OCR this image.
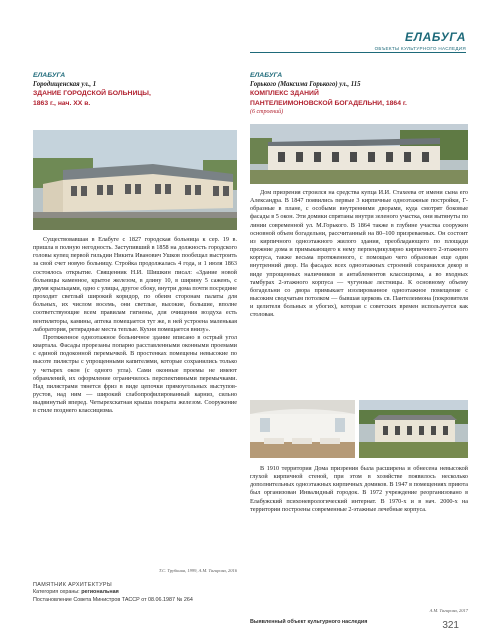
ЕЛАБУГА
ОБЪЕКТЫ КУЛЬТУРНОГО НАСЛЕДИЯ
ЕЛАБУГА
Городищенская ул., 1
ЗДАНИЕ ГОРОДСКОЙ БОЛЬНИЦЫ,
1863 г., нач. ХХ в.

Существовавшая в Елабуге с 1827 городская больница к сер. 19 в. пришла в полную негодность. Заступивший в 1858 на должность городского головы купец первой гильдии Никита Иванович Ушков пообещал выстроить за свой счет новую больницу. Стройка продолжалась 4 года, и 1 июля 1863 состоялось открытие. Священник Н.И. Шишкин писал: «Здание новой больницы каменное, крытое железом, в длину 10, в ширину 5 саженъ, с двумя крыльцами, одно с улицы, другое сбоку, внутри дома почти посредине проходит светлый широкий коридор, по обеим сторонам палаты для больных, их числом восемь, они светлые, высокие, большие, вполне соответствующие всем правилам гигиены, для очищения воздуха есть вентиляторы, камины, аптека помещается тут же, в ней устроена маленькая лаборатория, ретирадные места теплые. Кухня помещается внизу».

Протяженное одноэтажное больничное здание вписано в острый угол квартала. Фасады прорезаны попарно расставленными оконными проемами с единой подоконной перемычкой. В простенках помещены невысокие по высоте пилястры с упрощенными капителями, которые сохранились только у четырех окон (с одного угла). Сами оконные проемы не имеют обрамлений, их оформление ограничилось перспективными перемычками. Над пилястрами тянется фриз в виде цепочки прямоугольных выступов-рустов, над ним — широкий слабопрофилированный карниз, сильно выдвинутый вперед. Четырехскатная крыша покрыта железом. Сооружение в стиле позднего классицизма.

Т.С. Трубкина, 1999, А.М. Тагирова, 2016
ПАМЯТНИК АРХИТЕКТУРЫ
Категория охраны: региональная
Постановление Совета Министров ТАССР от 08.06.1987 № 264
ЕЛАБУГА
Горького (Максима Горького) ул., 115
КОМПЛЕКС ЗДАНИЙ
ПАНТЕЛЕИМОНОВСКОЙ БОГАДЕЛЬНИ, 1864 г.
(6 строений)

Дом призрения строился на средства купца И.И. Стахеева от имени сына его Александра. В 1847 появились первые 3 кирпичные одноэтажные постройки, Г-образные в плане, с особыми внутренними дворами, куда смотрят боковые фасады в 5 окон. Эти домики спрятаны внутри зеленого участка, они вытянуты по линии современной ул. М.Горького. В 1864 также в глубине участка сооружен основной объем богадельни, рассчитанный на 80–100 призреваемых. Он состоит из кирпичного одноэтажного жилого здания, преобладающего по площади прежние дома и примыкающего к нему перпендикулярно кирпичного 2-этажного корпуса, также весьма протяженного, с помощью чего образован еще один внутренний двор. На фасадах всех одноэтажных строений сохранился декор в виде упрощенных наличников и антаблементов классицизма, а во входных тамбурах 2-этажного корпуса — чугунные лестницы. К основному объему богадельни со двора примыкает изолированное одноэтажное помещение с высоким сводчатым потолком — бывшая церковь св. Пантелеимона (покровителя и целителя больных и убогих), которая с советских времен используется как столовая.

В 1910 территория Дома призрения была расширена и обнесена невысокой глухой кирпичной стеной, при этом в хозяйстве появилось несколько дополнительных одноэтажных кирпичных домиков. В 1947 в помещениях приюта был организован Инвалидный городок. В 1972 учреждение реорганизовано в Елабужский психоневрологический интернат. В 1970-х и в нач. 2000-х на территории построены современные 2-этажные лечебные корпуса.

А.М. Тагирова, 2017
Выявленный объект культурного наследия	321
